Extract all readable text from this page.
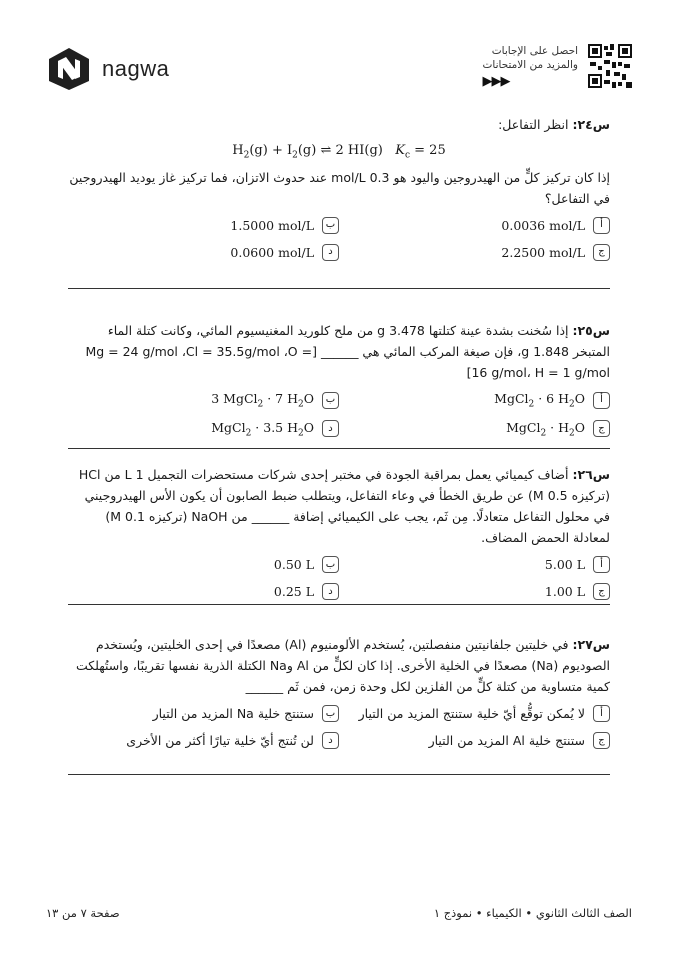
nagwa
احصل على الإجابات
والمزيد من الامتحانات
▶▶▶
س٢٤: انظر التفاعل:
$H_2(g) + I_2(g)$ ⇌ 2 HI(g) $K_c = 25$
إذا كان تركيز كلٍّ من الهيدروجين واليود هو 0.3 mol/L عند حدوث الاتزان، فما تركيز غاز يوديد الهيدروجين في التفاعل؟
أ
0.0036 mol/L
ب
1.5000 mol/L
ج
2.2500 mol/L
د
0.0600 mol/L
س٢٥: إذا سُخنت بشدة عينة كتلتها 3.478 g من ملح كلوريد المغنيسيوم المائي، وكانت كتلة الماء المتبخر 1.848 g، فإن صيغة المركب المائي هي ______ [Mg = 24 g/mol ،Cl = 35.5g/mol ،O = 16 g/mol، H = 1 g/mol]
أ
MgCl$_2$ · 6 $H_2O$
ب
3 MgCl$_2$ · 7 $H_2O$
ج
MgCl$_2$ · $H_2O$
د
MgCl$_2$ · 3.5 $H_2O$
س٢٦: أضاف كيميائي يعمل بمراقبة الجودة في مختبر إحدى شركات مستحضرات التجميل 1 L من HCl (تركيزه 0.5 M) عن طريق الخطأ في وعاء التفاعل، ويتطلب ضبط الصابون أن يكون الأس الهيدروجيني في محلول التفاعل متعادلًا. مِن ثَم، يجب على الكيميائي إضافة ______ من NaOH (تركيزه 0.1 M) لمعادلة الحمض المضاف.
أ
5.00 L
ب
0.50 L
ج
1.00 L
د
0.25 L
س٢٧: في خليتين جلفانيتين منفصلتين، يُستخدم الألومنيوم (Al) مصعدًا في إحدى الخليتين، ويُستخدم الصوديوم (Na) مصعدًا في الخلية الأخرى. إذا كان لكلٍّ من Al وNa الكتلة الذرية نفسها تقريبًا، واستُهلكت كمية متساوية من كتلة كلٍّ من الفلزين لكل وحدة زمن، فمن ثَم ______
أ
لا يُمكن توقُّع أيّ خلية ستنتج المزيد من التيار
ب
ستنتج خلية Na المزيد من التيار
ج
ستنتج خلية Al المزيد من التيار
د
لن تُنتج أيّ خلية تيارًا أكثر من الأخرى
الصف الثالث الثانوي • الكيمياء • نموذج ١
صفحة ٧ من ١٣
